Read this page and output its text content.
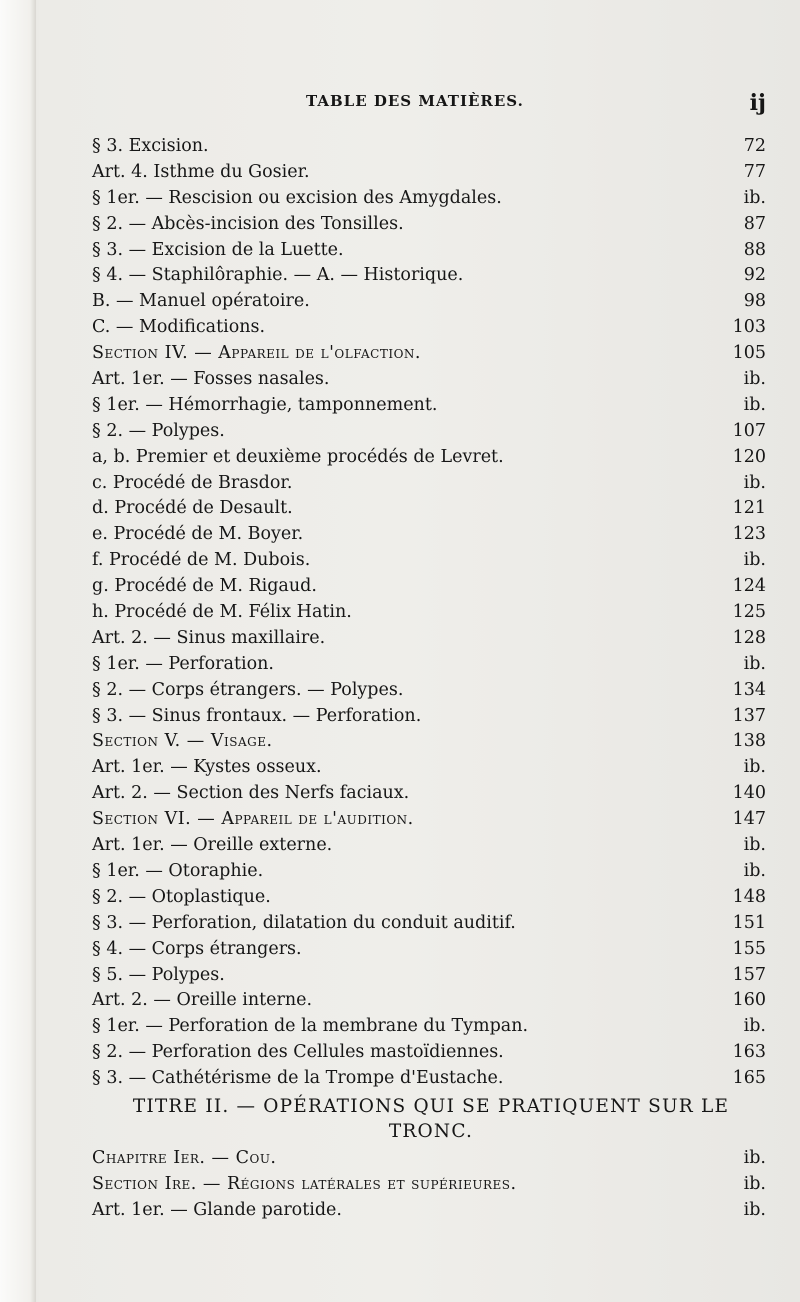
TABLE DES MATIÈRES.	ij
§ 3. Excision.	72
Art. 4. Isthme du Gosier.	77
§ 1er. — Rescision ou excision des Amygdales.	ib.
§ 2. — Abcès-incision des Tonsilles.	87
§ 3. — Excision de la Luette.	88
§ 4. — Staphilôraphie. — A. — Historique.	92
B. — Manuel opératoire.	98
C. — Modifications.	103
Section IV. — Appareil de l'olfaction.	105
Art. 1er. — Fosses nasales.	ib.
§ 1er. — Hémorrhagie, tamponnement.	ib.
§ 2. — Polypes.	107
a, b. Premier et deuxième procédés de Levret.	120
c. Procédé de Brasdor.	ib.
d. Procédé de Desault.	121
e. Procédé de M. Boyer.	123
f. Procédé de M. Dubois.	ib.
g. Procédé de M. Rigaud.	124
h. Procédé de M. Félix Hatin.	125
Art. 2. — Sinus maxillaire.	128
§ 1er. — Perforation.	ib.
§ 2. — Corps étrangers. — Polypes.	134
§ 3. — Sinus frontaux. — Perforation.	137
Section V. — Visage.	138
Art. 1er. — Kystes osseux.	ib.
Art. 2. — Section des Nerfs faciaux.	140
Section VI. — Appareil de l'audition.	147
Art. 1er. — Oreille externe.	ib.
§ 1er. — Otoraphie.	ib.
§ 2. — Otoplastique.	148
§ 3. — Perforation, dilatation du conduit auditif.	151
§ 4. — Corps étrangers.	155
§ 5. — Polypes.	157
Art. 2. — Oreille interne.	160
§ 1er. — Perforation de la membrane du Tympan.	ib.
§ 2. — Perforation des Cellules mastoïdiennes.	163
§ 3. — Cathétérisme de la Trompe d'Eustache.	165
TITRE II. — OPÉRATIONS QUI SE PRATIQUENT SUR LE TRONC.
Chapitre Ier. — Cou.	ib.
Section Ire. — Régions latérales et supérieures.	ib.
Art. 1er. — Glande parotide.	ib.
